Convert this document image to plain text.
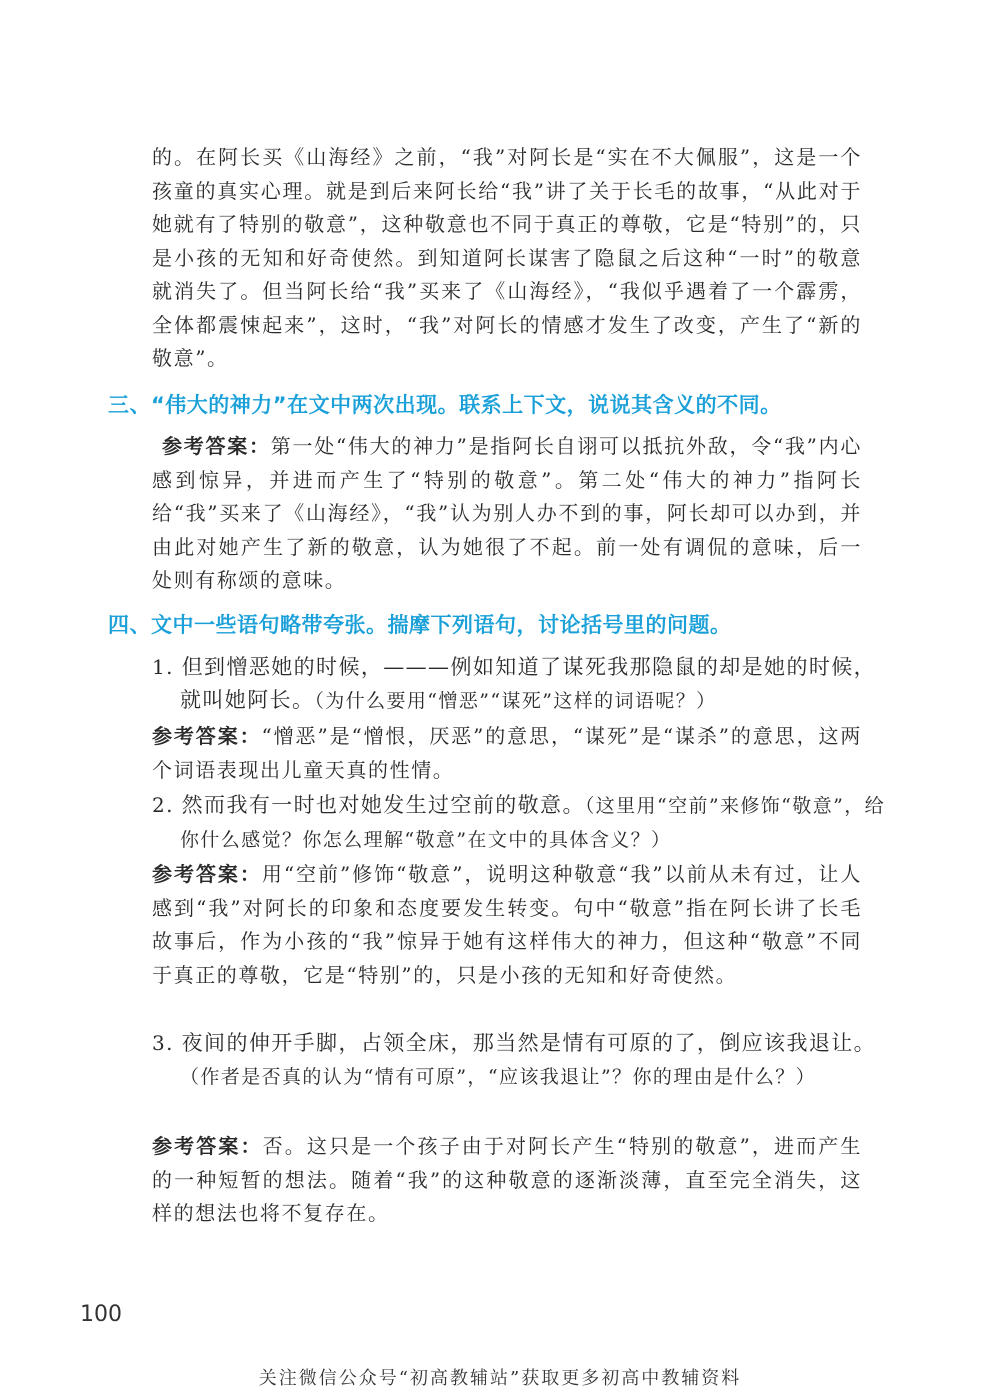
的。在阿长买《山海经》之前，“我”对阿长是“实在不大佩服”，这是一个孩童的真实心理。就是到后来阿长给“我”讲了关于长毛的故事，“从此对于她就有了特别的敬意”，这种敬意也不同于真正的尊敬，它是“特别”的，只是小孩的无知和好奇使然。到知道阿长谋害了隐鼠之后这种“一时”的敬意就消失了。但当阿长给“我”买来了《山海经》，“我似乎遇着了一个霹雳，全体都震悚起来”，这时，“我”对阿长的情感才发生了改变，产生了“新的敬意”。

三、“伟大的神力”在文中两次出现。联系上下文，说说其含义的不同。

参考答案：第一处“伟大的神力”是指阿长自诩可以抵抗外敌，令“我”内心感到惊异，并进而产生了“特别的敬意”。第二处“伟大的神力”指阿长给“我”买来了《山海经》，“我”认为别人办不到的事，阿长却可以办到，并由此对她产生了新的敬意，认为她很了不起。前一处有调侃的意味，后一处则有称颂的意味。

四、文中一些语句略带夸张。揣摩下列语句，讨论括号里的问题。

1. 但到憎恶她的时候，———例如知道了谋死我那隐鼠的却是她的时候，就叫她阿长。（为什么要用“憎恶”“谋死”这样的词语呢？）

参考答案：“憎恶”是“憎恨，厌恶”的意思，“谋死”是“谋杀”的意思，这两个词语表现出儿童天真的性情。

2. 然而我有一时也对她发生过空前的敬意。（这里用“空前”来修饰“敬意”，给你什么感觉？你怎么理解“敬意”在文中的具体含义？）

参考答案：用“空前”修饰“敬意”，说明这种敬意“我”以前从未有过，让人感到“我”对阿长的印象和态度要发生转变。句中“敬意”指在阿长讲了长毛故事后，作为小孩的“我”惊异于她有这样伟大的神力，但这种“敬意”不同于真正的尊敬，它是“特别”的，只是小孩的无知和好奇使然。

3. 夜间的伸开手脚，占领全床，那当然是情有可原的了，倒应该我退让。（作者是否真的认为“情有可原”，“应该我退让”？你的理由是什么？）

参考答案：否。这只是一个孩子由于对阿长产生“特别的敬意”，进而产生的一种短暂的想法。随着“我”的这种敬意的逐渐淡薄，直至完全消失，这样的想法也将不复存在。

100

关注微信公众号“初高教辅站”获取更多初高中教辅资料
